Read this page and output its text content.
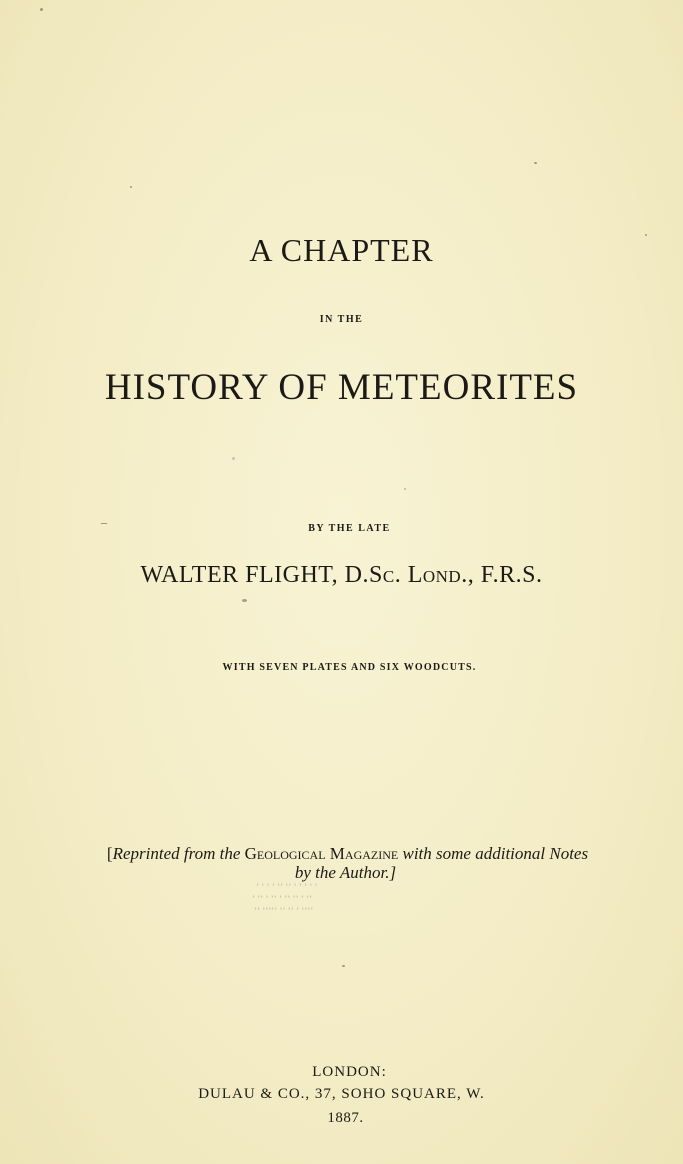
A CHAPTER
IN THE
HISTORY OF METEORITES
BY THE LATE
WALTER FLIGHT, D.Sc. Lond., F.R.S.
WITH SEVEN PLATES AND SIX WOODCUTS.
[Reprinted from the Geological Magazine with some additional Notes
by the Author.]
ʼ ʼ ʼ ʼ ʼʼ ʼʼ ʼ ʼ ʼ ʼ ʼ
ʼ ʼʼ ʼ ʼʼ ʼ ʼʼ ʼʼ ʼ ʼʼ
ʼʼ ʼʼʼʼʼ ʼʼ ʼʼ ʼ ʼʼʼʼ
LONDON:
DULAU & CO., 37, SOHO SQUARE, W.
1887.
